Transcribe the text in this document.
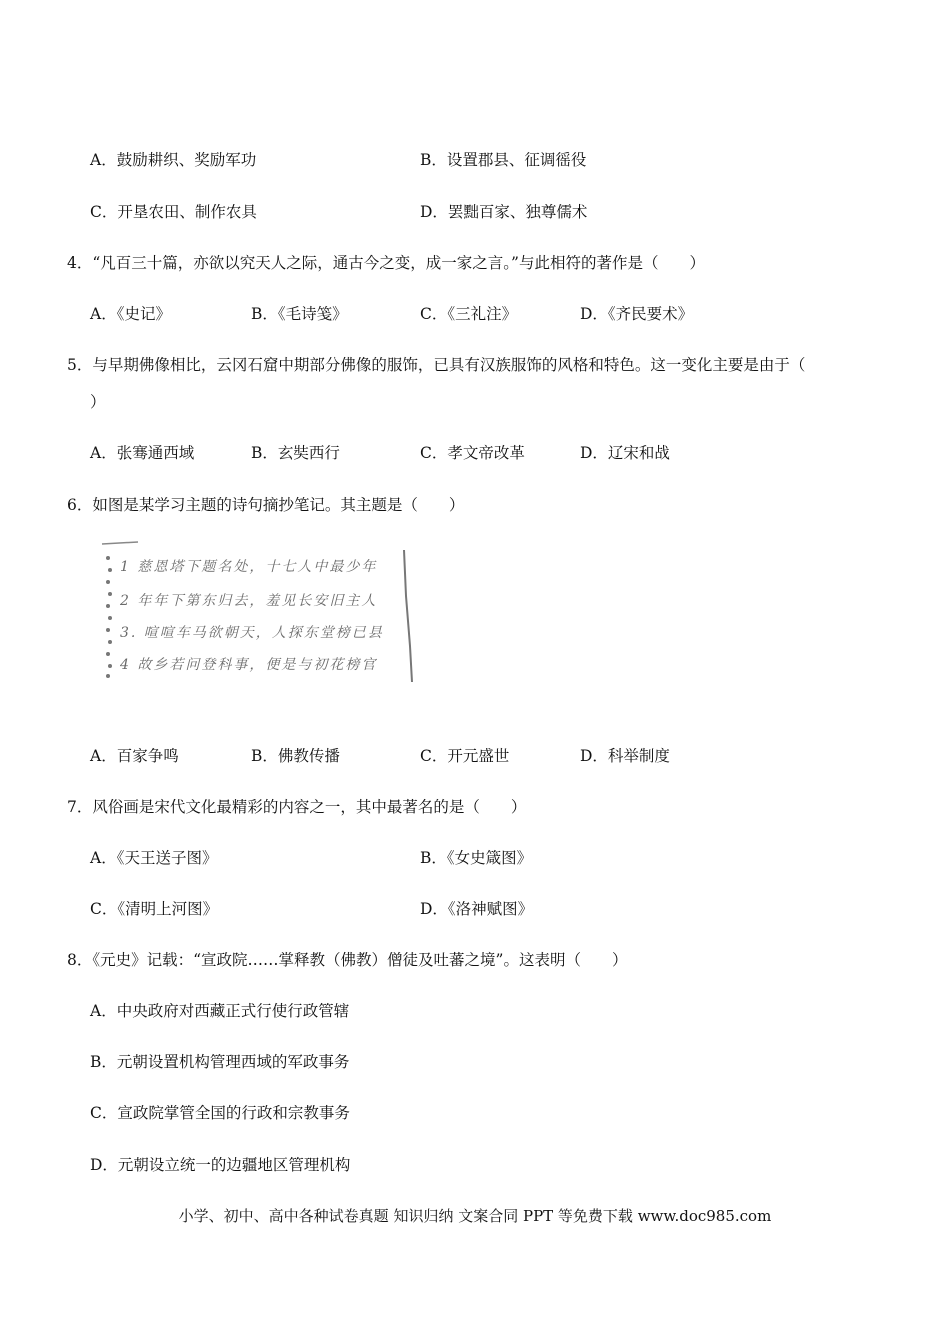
A．鼓励耕织、奖励军功	B．设置郡县、征调徭役
C．开垦农田、制作农具	D．罢黜百家、独尊儒术
4．“凡百三十篇，亦欲以究天人之际，通古今之变，成一家之言。”与此相符的著作是（　　）
A．《史记》	B．《毛诗笺》	C．《三礼注》	D．《齐民要术》
5．与早期佛像相比，云冈石窟中期部分佛像的服饰，已具有汉族服饰的风格和特色。这一变化主要是由于（
）
A．张骞通西域	B．玄奘西行	C．孝文帝改革	D．辽宋和战
6．如图是某学习主题的诗句摘抄笔记。其主题是（　　）
1 慈恩塔下题名处，十七人中最少年
2 年年下第东归去，羞见长安旧主人
3. 喧喧车马欲朝天，人探东堂榜已县
4 故乡若问登科事，便是与初花榜官
A．百家争鸣	B．佛教传播	C．开元盛世	D．科举制度
7．风俗画是宋代文化最精彩的内容之一，其中最著名的是（　　）
A．《天王送子图》	B．《女史箴图》
C．《清明上河图》	D．《洛神赋图》
8．《元史》记载：“宣政院……掌释教（佛教）僧徒及吐蕃之境”。这表明（　　）
A．中央政府对西藏正式行使行政管辖
B．元朝设置机构管理西域的军政事务
C．宣政院掌管全国的行政和宗教事务
D．元朝设立统一的边疆地区管理机构
小学、初中、高中各种试卷真题 知识归纳 文案合同 PPT 等免费下载 www.doc985.com
